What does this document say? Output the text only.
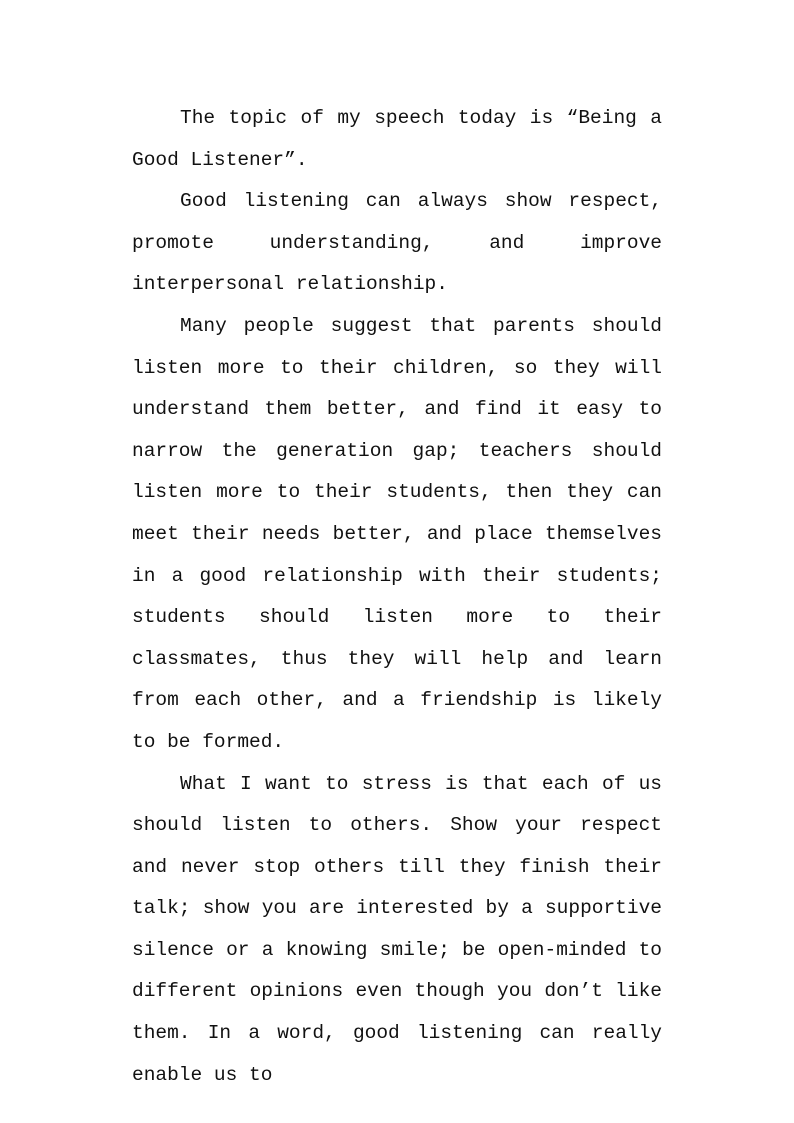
The topic of my speech today is “Being a Good Listener”.

Good listening can always show respect, promote understanding, and improve interpersonal relationship.

Many people suggest that parents should listen more to their children, so they will understand them better, and find it easy to narrow the generation gap; teachers should listen more to their students, then they can meet their needs better, and place themselves in a good relationship with their students; students should listen more to their classmates, thus they will help and learn from each other, and a friendship is likely to be formed.

What I want to stress is that each of us should listen to others. Show your respect and never stop others till they finish their talk; show you are interested by a supportive silence or a knowing smile; be open-minded to different opinions even though you don’t like them. In a word, good listening can really enable us to
